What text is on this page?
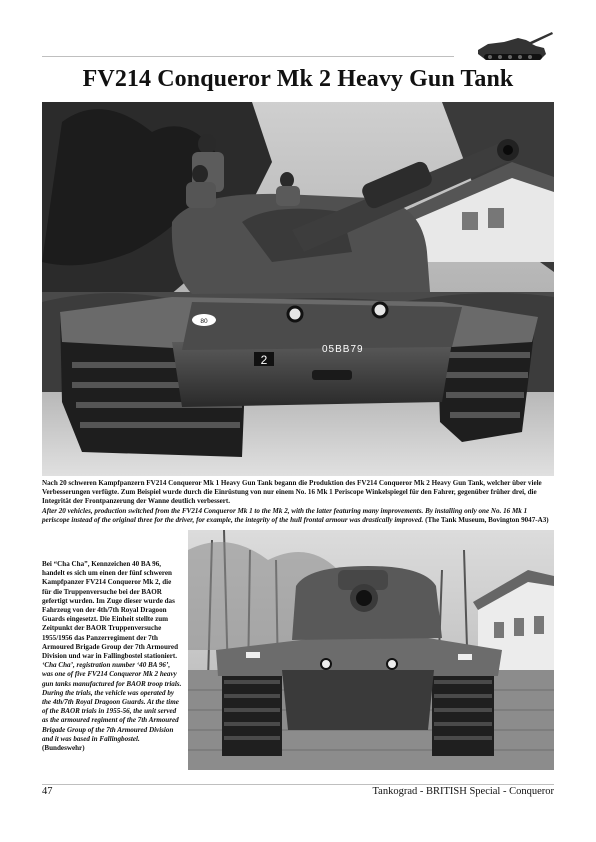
FV214 Conqueror Mk 2 Heavy Gun Tank
80
2
05BB79

Nach 20 schweren Kampfpanzern FV214 Conqueror Mk 1 Heavy Gun Tank begann die Produktion des FV214 Conqueror Mk 2 Heavy Gun Tank, welcher über viele Verbesserungen verfügte. Zum Beispiel wurde durch die Einrüstung von nur einem No. 16 Mk 1 Periscope Winkelspiegel für den Fahrer, gegenüber früher drei, die Integrität der Frontpanzerung der Wanne deutlich verbessert.

After 20 vehicles, production switched from the FV214 Conqueror Mk 1 to the Mk 2, with the latter featuring many improvements. By installing only one No. 16 Mk 1 periscope instead of the original three for the driver, for example, the integrity of the hull frontal armour was drastically improved. (The Tank Museum, Bovington 9047-A3)

Bei “Cha Cha”, Kennzeichen 40 BA 96, handelt es sich um einen der fünf schweren Kampfpanzer FV214 Conqueror Mk 2, die für die Truppenversuche bei der BAOR gefertigt wurden. Im Zuge dieser wurde das Fahrzeug von der 4th/7th Royal Dragoon Guards eingesetzt. Die Einheit stellte zum Zeitpunkt der BAOR Truppenversuche 1955/1956 das Panzerregiment der 7th Armoured Brigade Group der 7th Armoured Division und war in Fallingbostel stationiert.

‘Cha Cha’, registration number ‘40 BA 96’, was one of five FV214 Conqueror Mk 2 heavy gun tanks manufactured for BAOR troop trials. During the trials, the vehicle was operated by the 4th/7th Royal Dragoon Guards. At the time of the BAOR trials in 1955-56, the unit served as the armoured regiment of the 7th Armoured Brigade Group of the 7th Armoured Division and it was based in Fallingbostel. (Bundeswehr)

47	Tankograd - BRITISH Special - Conqueror
